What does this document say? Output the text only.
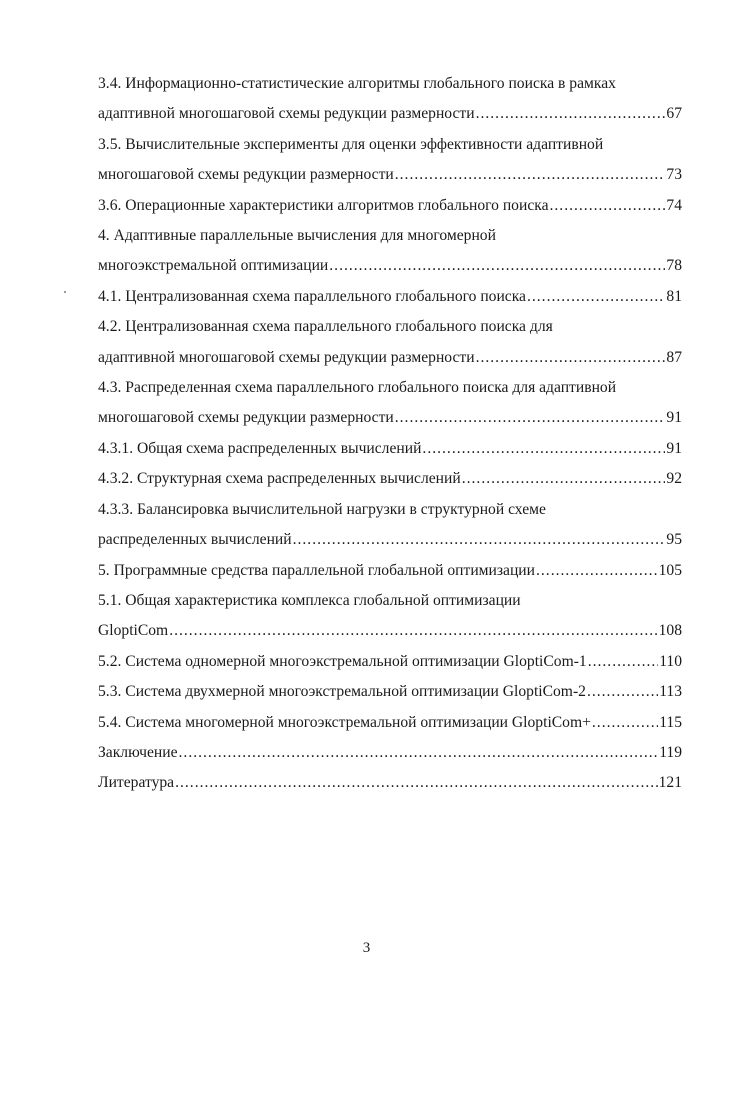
3.4. Информационно-статистические алгоритмы глобального поиска в рамках
адаптивной многошаговой схемы редукции размерности .....	67
3.5. Вычислительные эксперименты для оценки эффективности адаптивной
многошаговой схемы редукции размерности .....	73
3.6. Операционные характеристики алгоритмов глобального поиска .....	74
4. Адаптивные параллельные вычисления для многомерной
многоэкстремальной оптимизации .....	78
4.1. Централизованная схема параллельного глобального поиска .....	81
4.2. Централизованная схема параллельного глобального поиска для
адаптивной многошаговой схемы редукции размерности .....	87
4.3. Распределенная схема параллельного глобального поиска для адаптивной
многошаговой схемы редукции размерности .....	91
4.3.1. Общая схема распределенных вычислений .....	91
4.3.2. Структурная схема распределенных вычислений .....	92
4.3.3. Балансировка вычислительной нагрузки в структурной схеме
распределенных вычислений .....	95
5. Программные средства параллельной глобальной оптимизации .....	105
5.1. Общая характеристика комплекса глобальной оптимизации
GloptiCom .....	108
5.2. Система одномерной многоэкстремальной оптимизации GloptiCom-1 .....	110
5.3. Система двухмерной многоэкстремальной оптимизации GloptiCom-2 .....	113
5.4. Система многомерной многоэкстремальной оптимизации GloptiCom+ .....	115
Заключение .....	119
Литература .....	121
3
